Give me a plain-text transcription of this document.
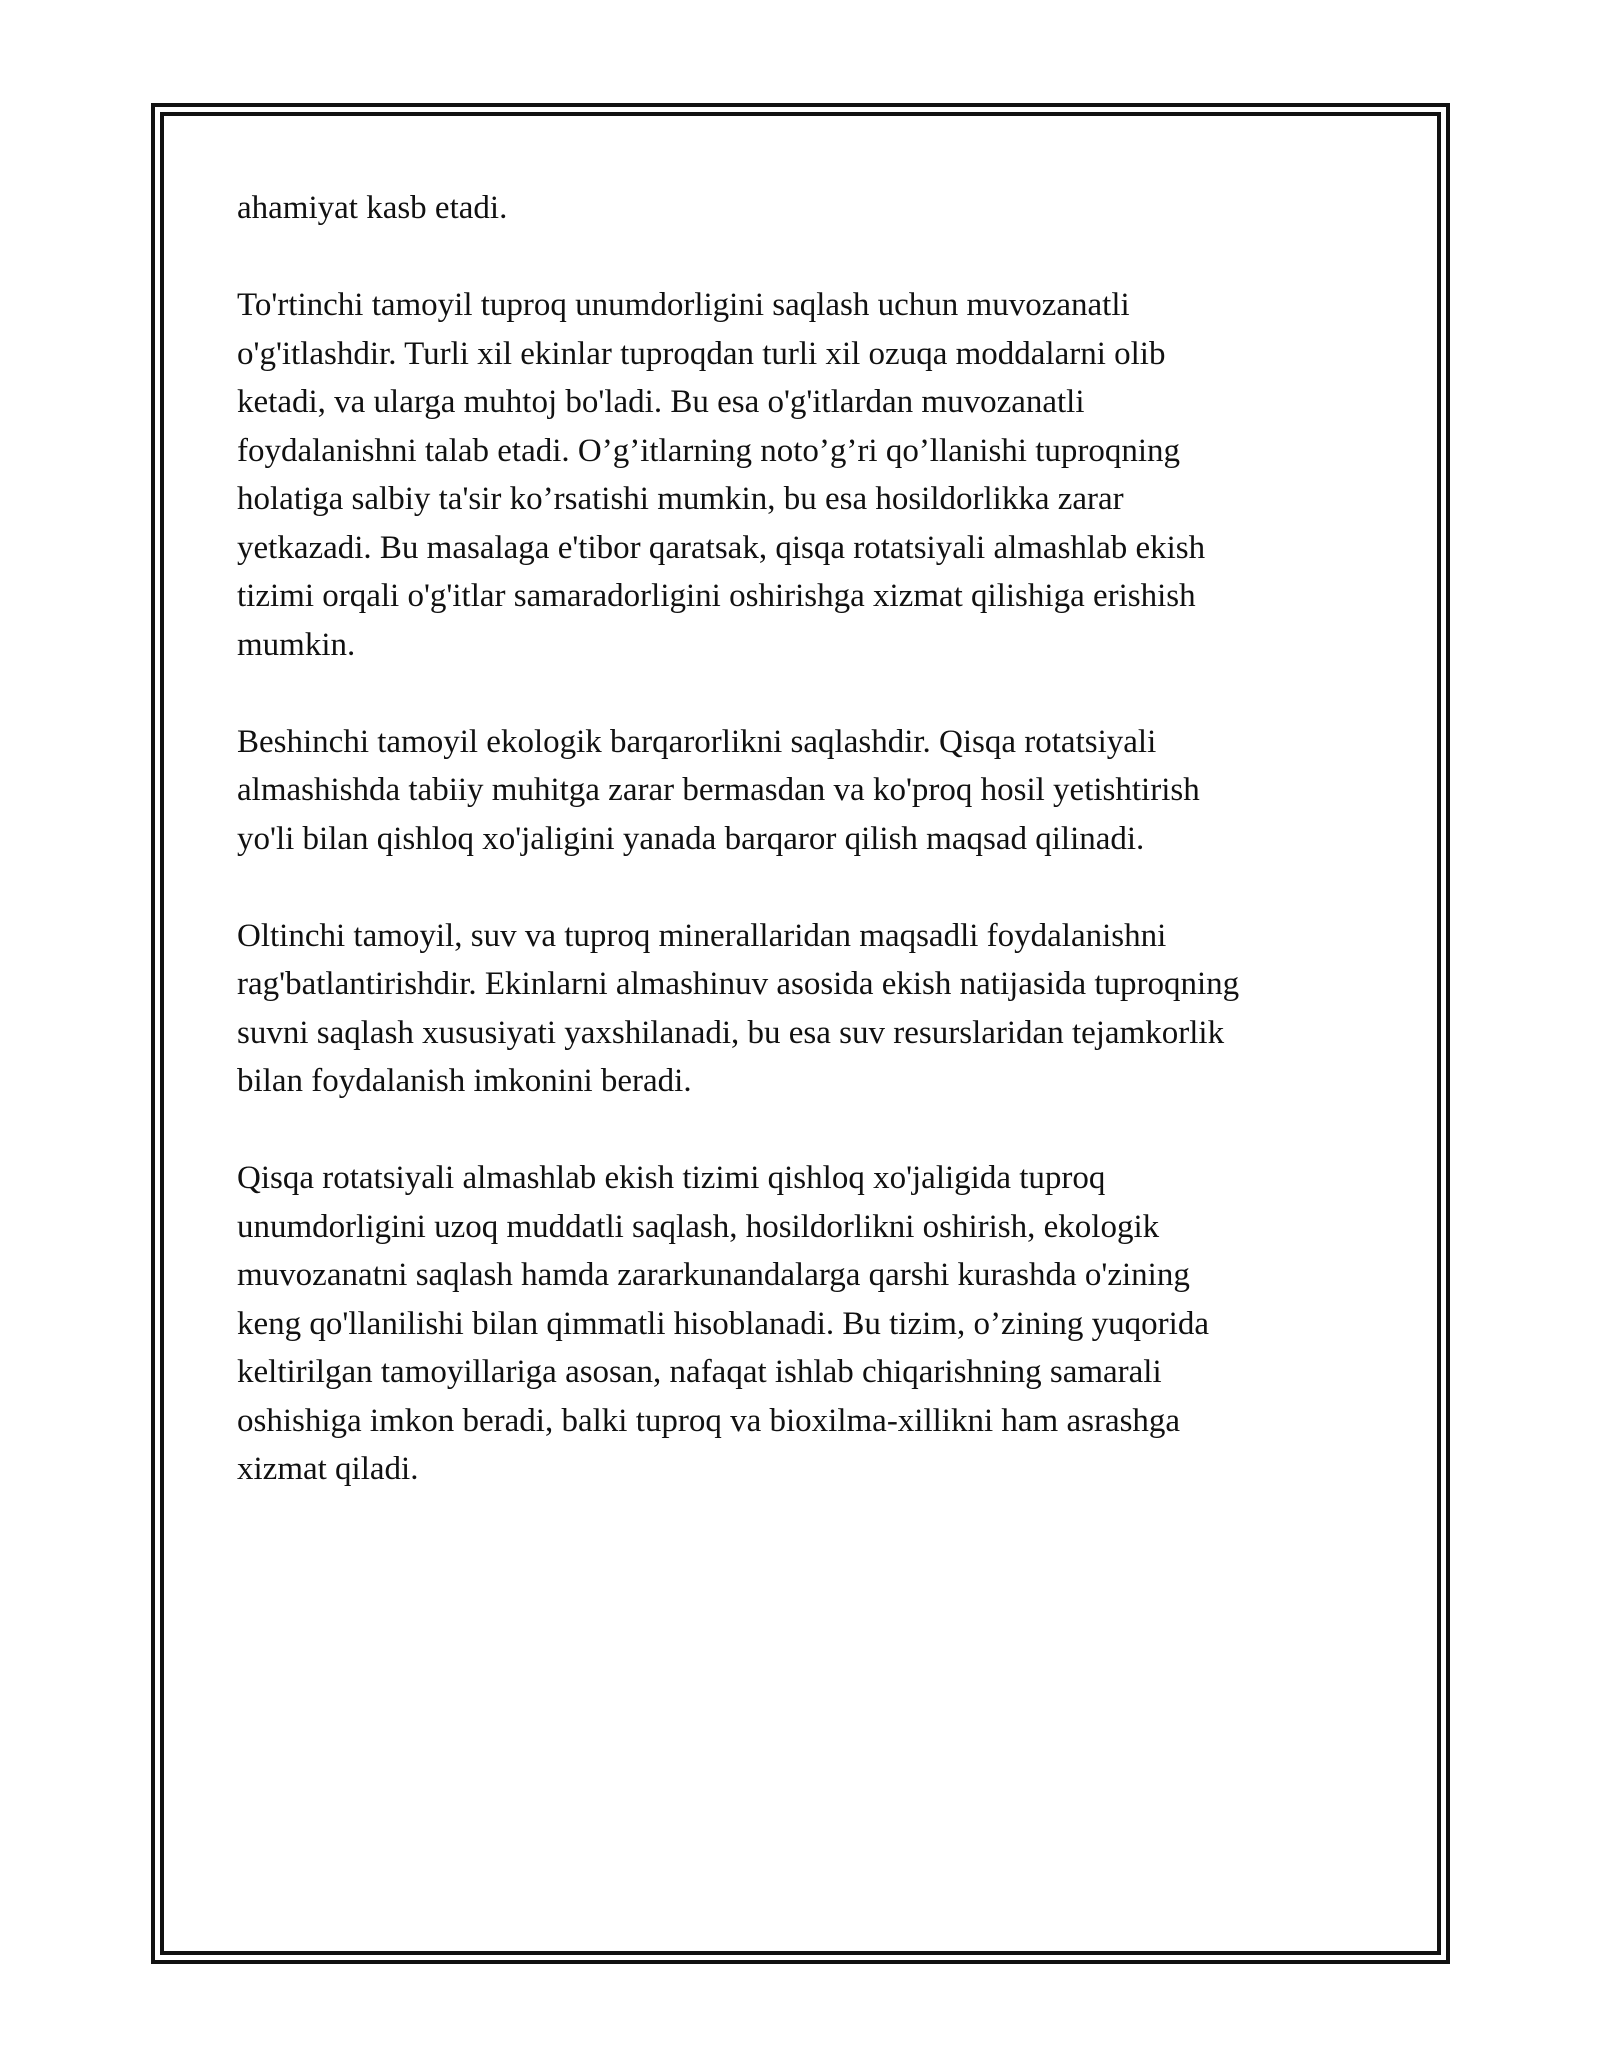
ahamiyat kasb etadi.

To'rtinchi tamoyil tuproq unumdorligini saqlash uchun muvozanatli
o'g'itlashdir. Turli xil ekinlar tuproqdan turli xil ozuqa moddalarni olib
ketadi, va ularga muhtoj bo'ladi. Bu esa o'g'itlardan muvozanatli
foydalanishni talab etadi. O’g’itlarning noto’g’ri qo’llanishi tuproqning
holatiga salbiy ta'sir ko’rsatishi mumkin, bu esa hosildorlikka zarar
yetkazadi. Bu masalaga e'tibor qaratsak, qisqa rotatsiyali almashlab ekish
tizimi orqali o'g'itlar samaradorligini oshirishga xizmat qilishiga erishish
mumkin.

Beshinchi tamoyil ekologik barqarorlikni saqlashdir. Qisqa rotatsiyali
almashishda tabiiy muhitga zarar bermasdan va ko'proq hosil yetishtirish
yo'li bilan qishloq xo'jaligini yanada barqaror qilish maqsad qilinadi.

Oltinchi tamoyil, suv va tuproq minerallaridan maqsadli foydalanishni
rag'batlantirishdir. Ekinlarni almashinuv asosida ekish natijasida tuproqning
suvni saqlash xususiyati yaxshilanadi, bu esa suv resurslaridan tejamkorlik
bilan foydalanish imkonini beradi.

Qisqa rotatsiyali almashlab ekish tizimi qishloq xo'jaligida tuproq
unumdorligini uzoq muddatli saqlash, hosildorlikni oshirish, ekologik
muvozanatni saqlash hamda zararkunandalarga qarshi kurashda o'zining
keng qo'llanilishi bilan qimmatli hisoblanadi. Bu tizim, o’zining yuqorida
keltirilgan tamoyillariga asosan, nafaqat ishlab chiqarishning samarali
oshishiga imkon beradi, balki tuproq va bioxilma-xillikni ham asrashga
xizmat qiladi.
